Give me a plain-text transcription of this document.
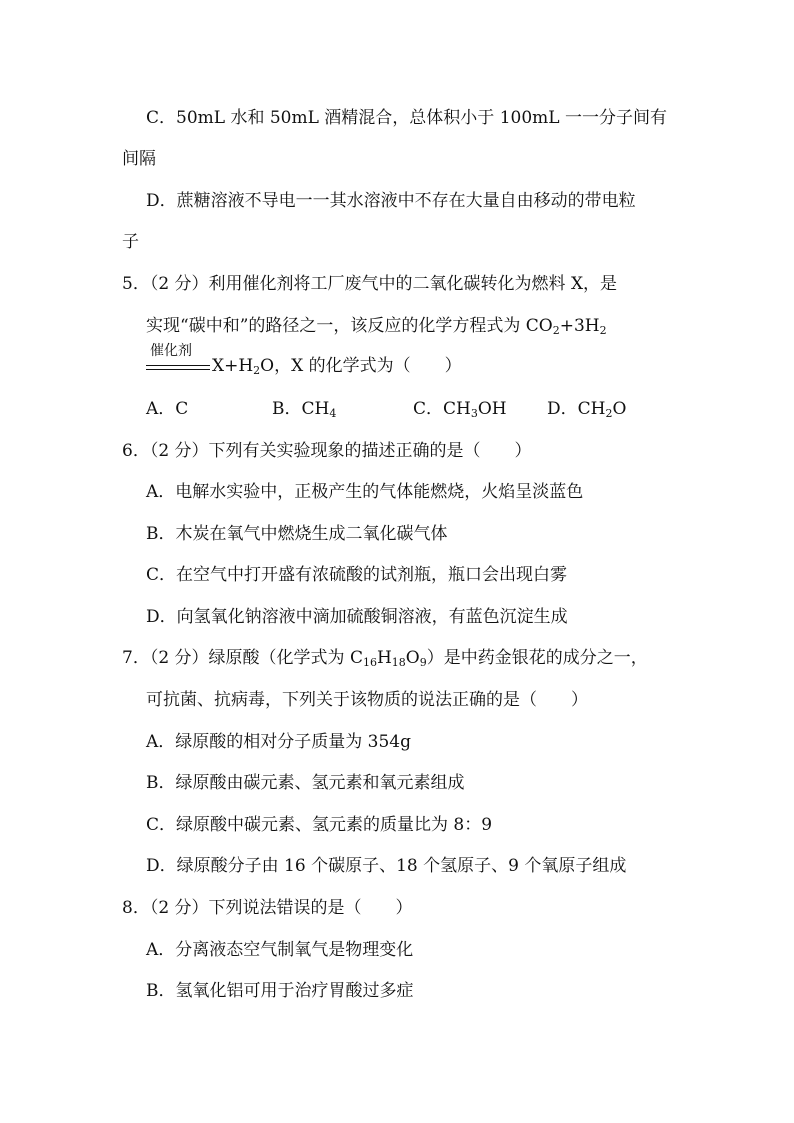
C．50mL 水和 50mL 酒精混合，总体积小于 100mL 一一分子间有
间隔
D．蔗糖溶液不导电一一其水溶液中不存在大量自由移动的带电粒
子
5．（2 分）利用催化剂将工厂废气中的二氧化碳转化为燃料 X，是
实现“碳中和”的路径之一，该反应的化学方程式为 $CO_2+3H_2$
催化剂
$X+H_2O$，X 的化学式为（　　）
A．C	B．$CH_4$	C．$CH_3OH$ D．$CH_2O$
6．（2 分）下列有关实验现象的描述正确的是（　　）
A．电解水实验中，正极产生的气体能燃烧，火焰呈淡蓝色
B．木炭在氧气中燃烧生成二氧化碳气体
C．在空气中打开盛有浓硫酸的试剂瓶，瓶口会出现白雾
D．向氢氧化钠溶液中滴加硫酸铜溶液，有蓝色沉淀生成
7．（2 分）绿原酸（化学式为 $C_{16}H_{18}O_9$）是中药金银花的成分之一，
可抗菌、抗病毒，下列关于该物质的说法正确的是（　　）
A．绿原酸的相对分子质量为 354g
B．绿原酸由碳元素、氢元素和氧元素组成
C．绿原酸中碳元素、氢元素的质量比为 8：9
D．绿原酸分子由 16 个碳原子、18 个氢原子、9 个氧原子组成
8．（2 分）下列说法错误的是（　　）
A．分离液态空气制氧气是物理变化
B．氢氧化铝可用于治疗胃酸过多症
